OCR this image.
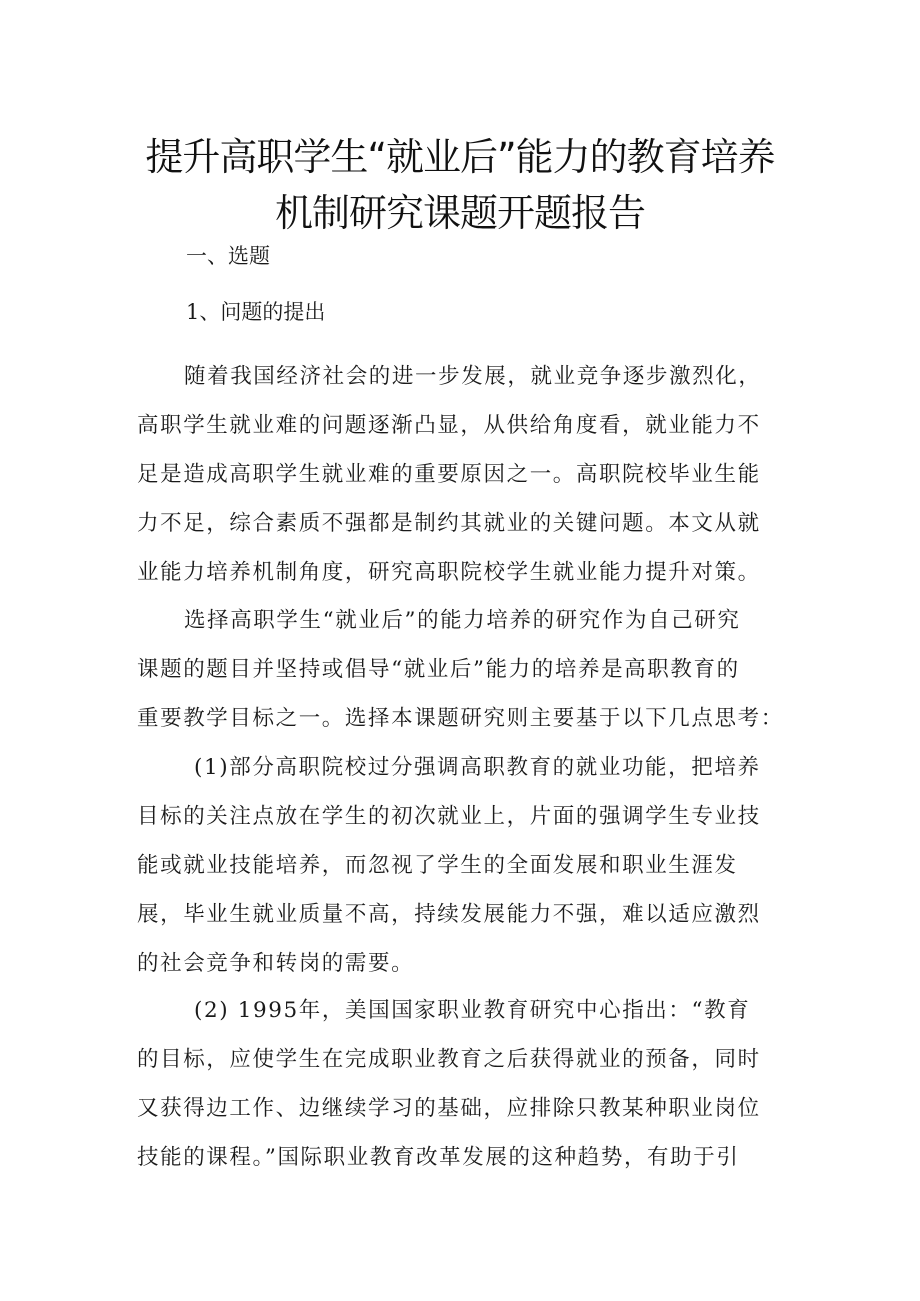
提升高职学生“就业后”能力的教育培养
机制研究课题开题报告
一、选题
1、问题的提出
随着我国经济社会的进一步发展，就业竞争逐步激烈化，
高职学生就业难的问题逐渐凸显，从供给角度看，就业能力不
足是造成高职学生就业难的重要原因之一。高职院校毕业生能
力不足，综合素质不强都是制约其就业的关键问题。本文从就
业能力培养机制角度，研究高职院校学生就业能力提升对策。
选择高职学生“就业后”的能力培养的研究作为自己研究
课题的题目并坚持或倡导“就业后”能力的培养是高职教育的
重要教学目标之一。选择本课题研究则主要基于以下几点思考：
(1)部分高职院校过分强调高职教育的就业功能，把培养
目标的关注点放在学生的初次就业上，片面的强调学生专业技
能或就业技能培养，而忽视了学生的全面发展和职业生涯发
展，毕业生就业质量不高，持续发展能力不强，难以适应激烈
的社会竞争和转岗的需要。
(2) 1995年，美国国家职业教育研究中心指出：“教育
的目标，应使学生在完成职业教育之后获得就业的预备，同时
又获得边工作、边继续学习的基础，应排除只教某种职业岗位
技能的课程。”国际职业教育改革发展的这种趋势，有助于引
